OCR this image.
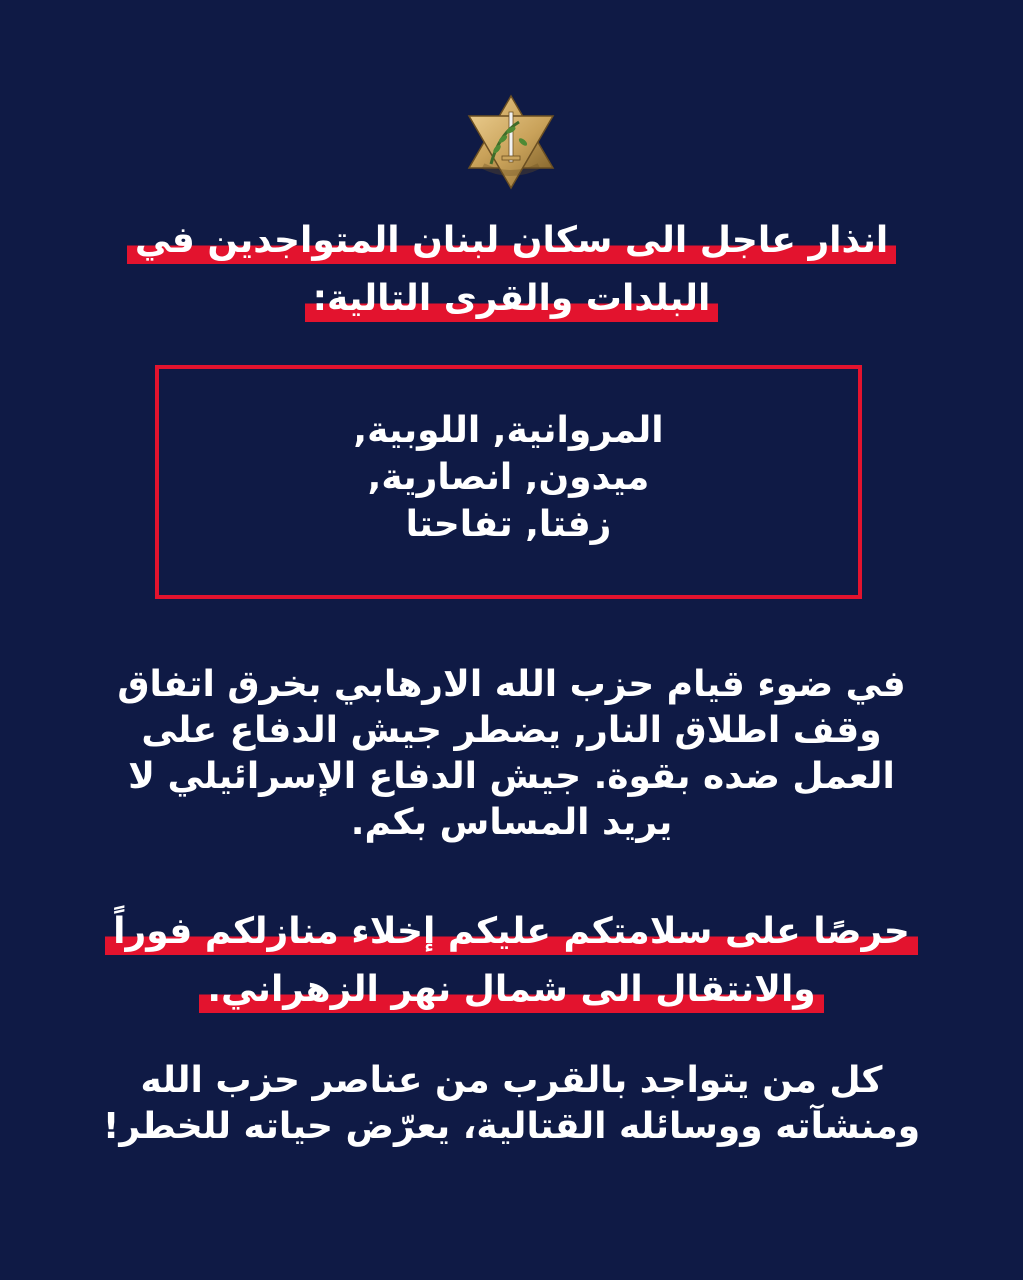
انذار عاجل الى سكان لبنان المتواجدين في
البلدات والقرى التالية:
المروانية, اللوبية,
ميدون, انصارية,
زفتا, تفاحتا
في ضوء قيام حزب الله الارهابي بخرق اتفاق
وقف اطلاق النار, يضطر جيش الدفاع على
العمل ضده بقوة. جيش الدفاع الإسرائيلي لا
يريد المساس بكم.
حرصًا على سلامتكم عليكم إخلاء منازلكم فوراً
والانتقال الى شمال نهر الزهراني.
كل من يتواجد بالقرب من عناصر حزب الله
ومنشآته ووسائله القتالية، يعرّض حياته للخطر!
